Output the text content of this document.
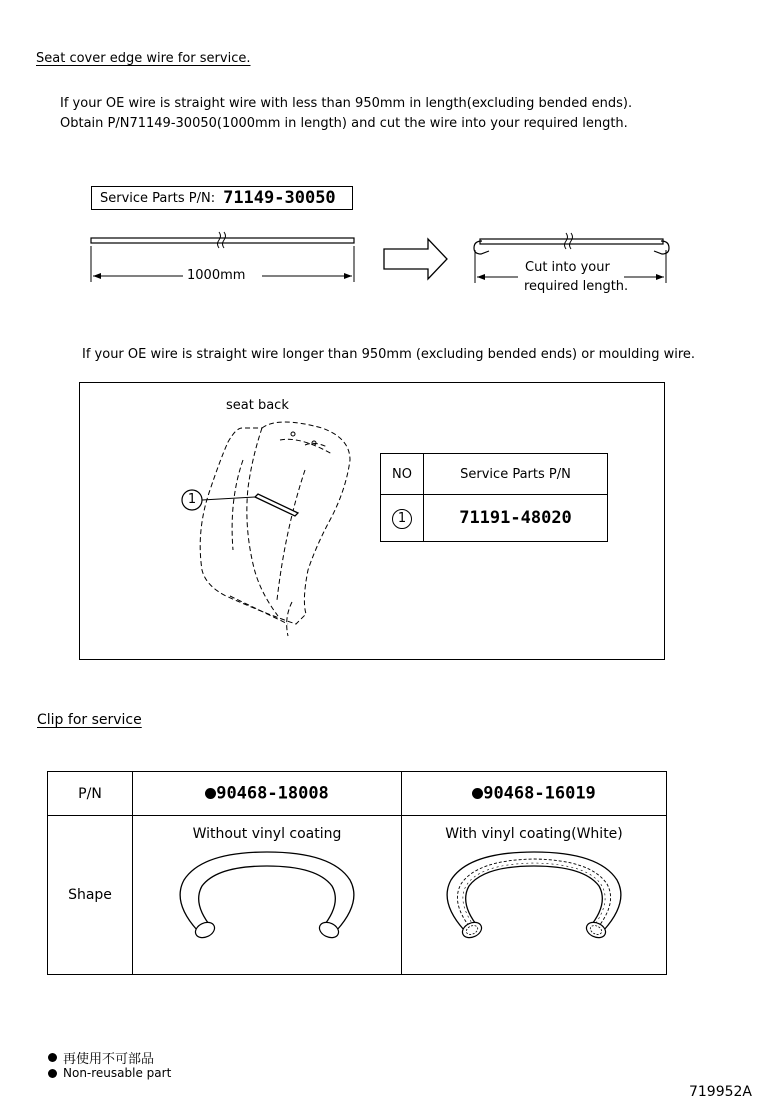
Seat cover edge wire for service.
If your OE wire is straight wire with less than 950mm in length(excluding bended ends).
Obtain P/N71149-30050(1000mm in length) and cut the wire into your required length.
Service Parts P/N: 71149-30050
1000mm
Cut into your
required length.
If your OE wire is straight wire longer than 950mm (excluding bended ends) or moulding wire.
seat back
1
NO	Service Parts P/N
1	71191-48020
Clip for service
P/N	90468-18008	90468-16019
Shape	Without vinyl coating	With vinyl coating(White)
再使用不可部品
Non-reusable part
719952A
